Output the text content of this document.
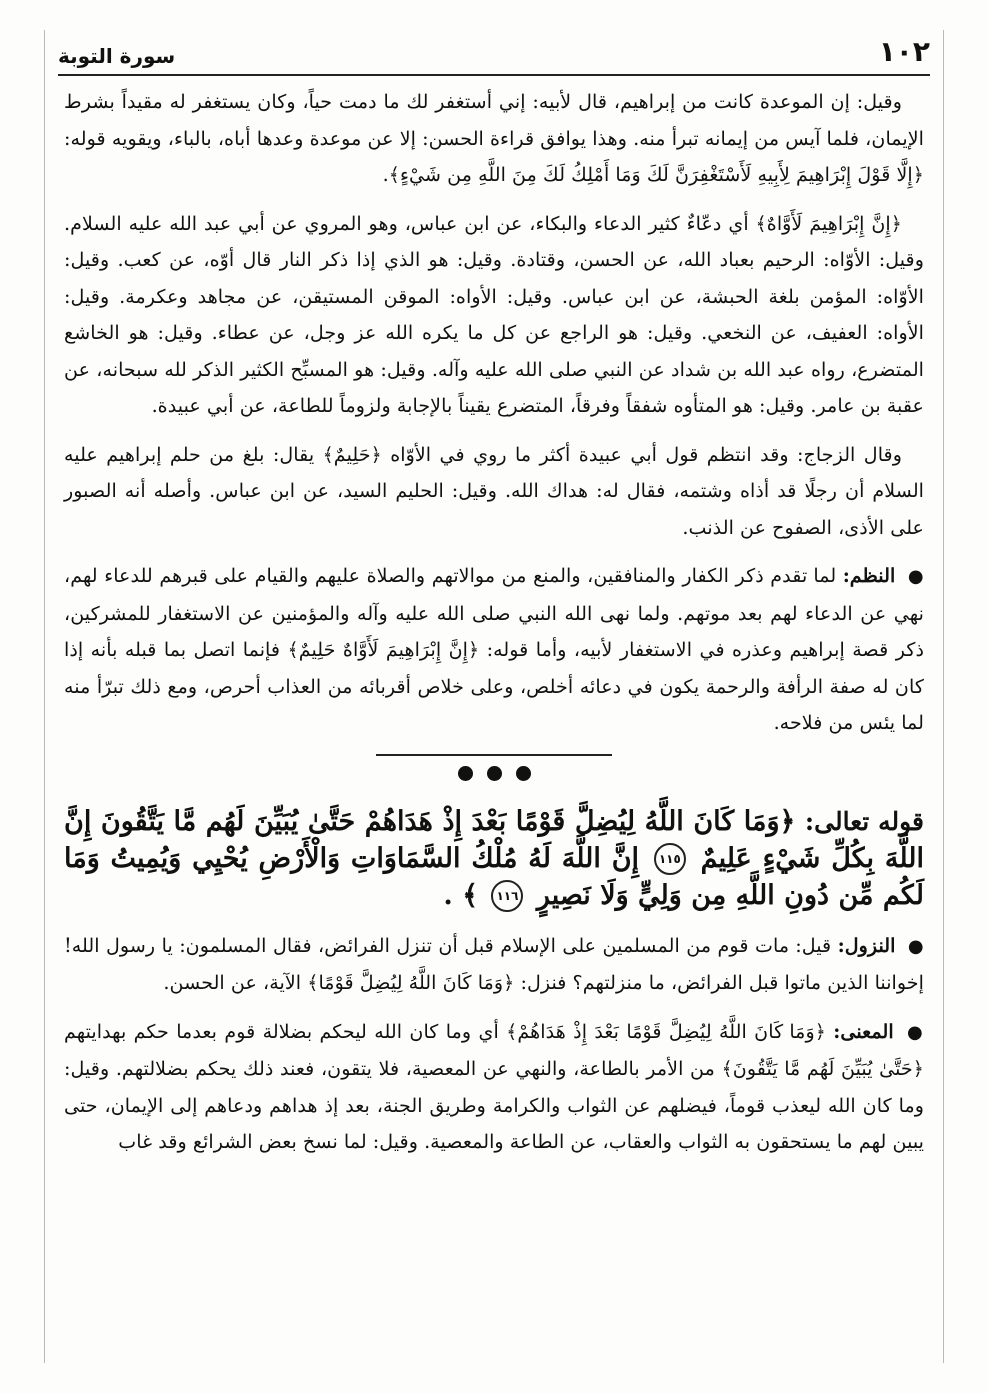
١٠٢
سورة التوبة

وقيل: إن الموعدة كانت من إبراهيم، قال لأبيه: إني أستغفر لك ما دمت حياً، وكان يستغفر له مقيداً بشرط الإيمان، فلما آيس من إيمانه تبرأ منه. وهذا يوافق قراءة الحسن: إلا عن موعدة وعدها أباه، بالباء، ويقويه قوله: ﴿إِلَّا قَوْلَ إِبْرَاهِيمَ لِأَبِيهِ لَأَسْتَغْفِرَنَّ لَكَ وَمَا أَمْلِكُ لَكَ مِنَ اللَّهِ مِن شَيْءٍ﴾.

﴿إِنَّ إِبْرَاهِيمَ لَأَوَّاهٌ﴾ أي دعّاءٌ كثير الدعاء والبكاء، عن ابن عباس، وهو المروي عن أبي عبد الله عليه السلام. وقيل: الأوّاه: الرحيم بعباد الله، عن الحسن، وقتادة. وقيل: هو الذي إذا ذكر النار قال أوّه، عن كعب. وقيل: الأوّاه: المؤمن بلغة الحبشة، عن ابن عباس. وقيل: الأواه: الموقن المستيقن، عن مجاهد وعكرمة. وقيل: الأواه: العفيف، عن النخعي. وقيل: هو الراجع عن كل ما يكره الله عز وجل، عن عطاء. وقيل: هو الخاشع المتضرع، رواه عبد الله بن شداد عن النبي صلى الله عليه وآله. وقيل: هو المسبِّح الكثير الذكر لله سبحانه، عن عقبة بن عامر. وقيل: هو المتأوه شفقاً وفرقاً، المتضرع يقيناً بالإجابة ولزوماً للطاعة، عن أبي عبيدة.

وقال الزجاج: وقد انتظم قول أبي عبيدة أكثر ما روي في الأوّاه ﴿حَلِيمٌ﴾ يقال: بلغ من حلم إبراهيم عليه السلام أن رجلًا قد أذاه وشتمه، فقال له: هداك الله. وقيل: الحليم السيد، عن ابن عباس. وأصله أنه الصبور على الأذى، الصفوح عن الذنب.

● النظم: لما تقدم ذكر الكفار والمنافقين، والمنع من موالاتهم والصلاة عليهم والقيام على قبرهم للدعاء لهم، نهي عن الدعاء لهم بعد موتهم. ولما نهى الله النبي صلى الله عليه وآله والمؤمنين عن الاستغفار للمشركين، ذكر قصة إبراهيم وعذره في الاستغفار لأبيه، وأما قوله: ﴿إِنَّ إِبْرَاهِيمَ لَأَوَّاهٌ حَلِيمٌ﴾ فإنما اتصل بما قبله بأنه إذا كان له صفة الرأفة والرحمة يكون في دعائه أخلص، وعلى خلاص أقربائه من العذاب أحرص، ومع ذلك تبرّأ منه لما يئس من فلاحه.

قوله تعالى: ﴿وَمَا كَانَ اللَّهُ لِيُضِلَّ قَوْمًا بَعْدَ إِذْ هَدَاهُمْ حَتَّىٰ يُبَيِّنَ لَهُم مَّا يَتَّقُونَ إِنَّ اللَّهَ بِكُلِّ شَيْءٍ عَلِيمٌ ١١٥ إِنَّ اللَّهَ لَهُ مُلْكُ السَّمَاوَاتِ وَالْأَرْضِ يُحْيِي وَيُمِيتُ وَمَا لَكُم مِّن دُونِ اللَّهِ مِن وَلِيٍّ وَلَا نَصِيرٍ ١١٦ ﴾ .

● النزول: قيل: مات قوم من المسلمين على الإسلام قبل أن تنزل الفرائض، فقال المسلمون: يا رسول الله! إخواننا الذين ماتوا قبل الفرائض، ما منزلتهم؟ فنزل: ﴿وَمَا كَانَ اللَّهُ لِيُضِلَّ قَوْمًا﴾ الآية، عن الحسن.

● المعنى: ﴿وَمَا كَانَ اللَّهُ لِيُضِلَّ قَوْمًا بَعْدَ إِذْ هَدَاهُمْ﴾ أي وما كان الله ليحكم بضلالة قوم بعدما حكم بهدايتهم ﴿حَتَّىٰ يُبَيِّنَ لَهُم مَّا يَتَّقُونَ﴾ من الأمر بالطاعة، والنهي عن المعصية، فلا يتقون، فعند ذلك يحكم بضلالتهم. وقيل: وما كان الله ليعذب قوماً، فيضلهم عن الثواب والكرامة وطريق الجنة، بعد إذ هداهم ودعاهم إلى الإيمان، حتى يبين لهم ما يستحقون به الثواب والعقاب، عن الطاعة والمعصية. وقيل: لما نسخ بعض الشرائع وقد غاب
